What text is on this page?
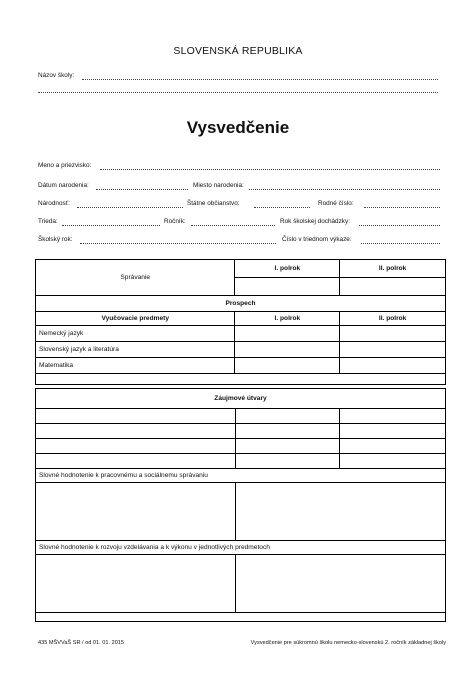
SLOVENSKÁ REPUBLIKA
Názov školy:
Vysvedčenie
Meno a priezvisko:
Dátum narodenia:	Miesto narodenia:
Národnosť:	Štátne občianstvo:	Rodné číslo:
Trieda:	Ročník:	Rok školskej dochádzky:
Školský rok:	Číslo v triednom výkaze:
Správanie	I. polrok	II. polrok

Prospech		
Vyučovacie predmety	I. polrok	II. polrok
Nemecký jazyk		
Slovenský jazyk a literatúra		
Matematika		
Záujmové útvary		

Slovné hodnotenie k pracovnému a sociálnemu správaniu		

Slovné hodnotenie k rozvoju vzdelávania a k výkonu v jednotlivých predmetoch		

435 MŠVVaŠ SR / od 01. 01. 2015	Vysvedčenie pre súkromnú školu nemecko-slovenskú 2. ročník základnej školy
